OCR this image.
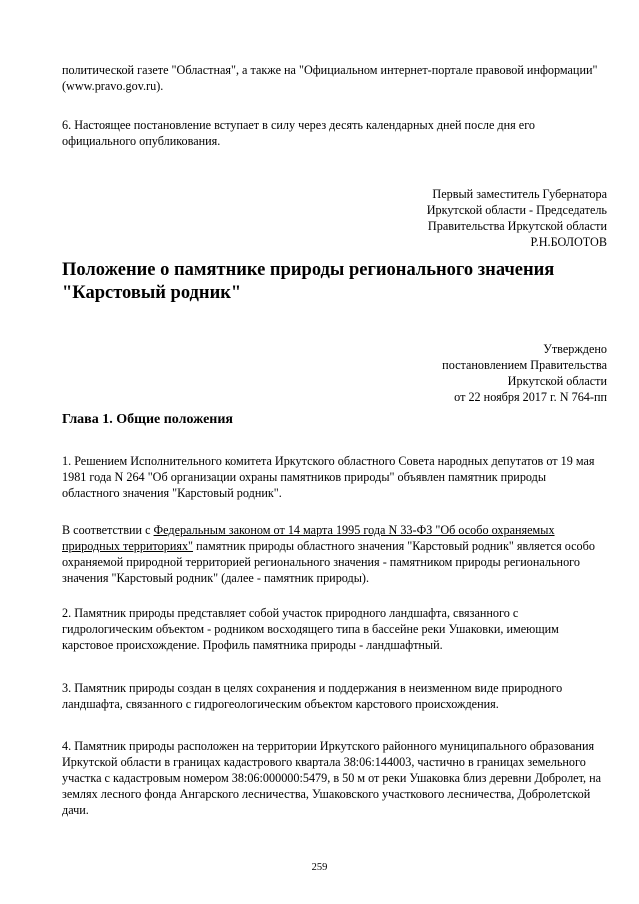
политической газете "Областная", а также на "Официальном интернет-портале правовой информации" (www.pravo.gov.ru).

6. Настоящее постановление вступает в силу через десять календарных дней после дня его официального опубликования.

Первый заместитель Губернатора
Иркутской области - Председатель
Правительства Иркутской области
Р.Н.БОЛОТОВ
Положение о памятнике природы регионального значения "Карстовый родник"
Утверждено
постановлением Правительства
Иркутской области
от 22 ноября 2017 г. N 764-пп
Глава 1. Общие положения

1. Решением Исполнительного комитета Иркутского областного Совета народных депутатов от 19 мая 1981 года N 264 "Об организации охраны памятников природы" объявлен памятник природы областного значения "Карстовый родник".

В соответствии с Федеральным законом от 14 марта 1995 года N 33-ФЗ "Об особо охраняемых природных территориях" памятник природы областного значения "Карстовый родник" является особо охраняемой природной территорией регионального значения - памятником природы регионального значения "Карстовый родник" (далее - памятник природы).

2. Памятник природы представляет собой участок природного ландшафта, связанного с гидрологическим объектом - родником восходящего типа в бассейне реки Ушаковки, имеющим карстовое происхождение. Профиль памятника природы - ландшафтный.

3. Памятник природы создан в целях сохранения и поддержания в неизменном виде природного ландшафта, связанного с гидрогеологическим объектом карстового происхождения.

4. Памятник природы расположен на территории Иркутского районного муниципального образования Иркутской области в границах кадастрового квартала 38:06:144003, частично в границах земельного участка с кадастровым номером 38:06:000000:5479, в 50 м от реки Ушаковка близ деревни Добролет, на землях лесного фонда Ангарского лесничества, Ушаковского участкового лесничества, Добролетской дачи.

259
